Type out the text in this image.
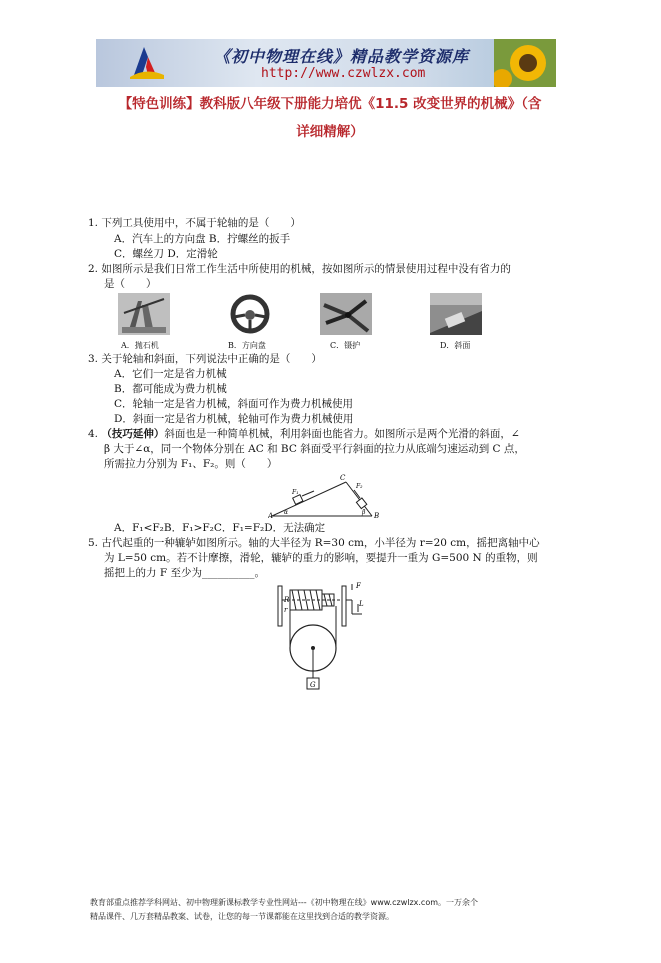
《初中物理在线》精品教学资源库
http://www.czwlzx.com
【特色训练】教科版八年级下册能力培优《11.5 改变世界的机械》（含
详细精解）
1. 下列工具使用中，不属于轮轴的是（　　）
A．汽车上的方向盘 B．拧螺丝的扳手
C．螺丝刀 D．定滑轮
2. 如图所示是我们日常工作生活中所使用的机械，按如图所示的情景使用过程中没有省力的
是（　　）
A．抛石机	B．方向盘	C．镊护	D．斜面
3. 关于轮轴和斜面，下列说法中正确的是（　　）
A．它们一定是省力机械
B．都可能成为费力机械
C．轮轴一定是省力机械，斜面可作为费力机械使用
D．斜面一定是省力机械，轮轴可作为费力机械使用
4. （技巧延伸）斜面也是一种简单机械，利用斜面也能省力。如图所示是两个光滑的斜面，∠
β 大于∠α，同一个物体分别在 AC 和 BC 斜面受平行斜面的拉力从底端匀速运动到 C 点，
所需拉力分别为 F₁、F₂。则（　　）
A	B
C
F₁
F₂
α	β
A．F₁<F₂B．F₁>F₂C．F₁=F₂D．无法确定
5. 古代起重的一种辘轳如图所示。轴的大半径为 R=30 cm，小半径为 r=20 cm，摇把离轴中心
为 L=50 cm。若不计摩擦，滑轮，辘轳的重力的影响，要提升一重为 G=500 N 的重物，则
摇把上的力 F 至少为__________。
F
L
R
r
G
教育部重点推荐学科网站、初中物理新课标教学专业性网站---《初中物理在线》www.czwlzx.com。一万余个
精品课件、几万套精品教案、试卷，让您的每一节课都能在这里找到合适的教学资源。
